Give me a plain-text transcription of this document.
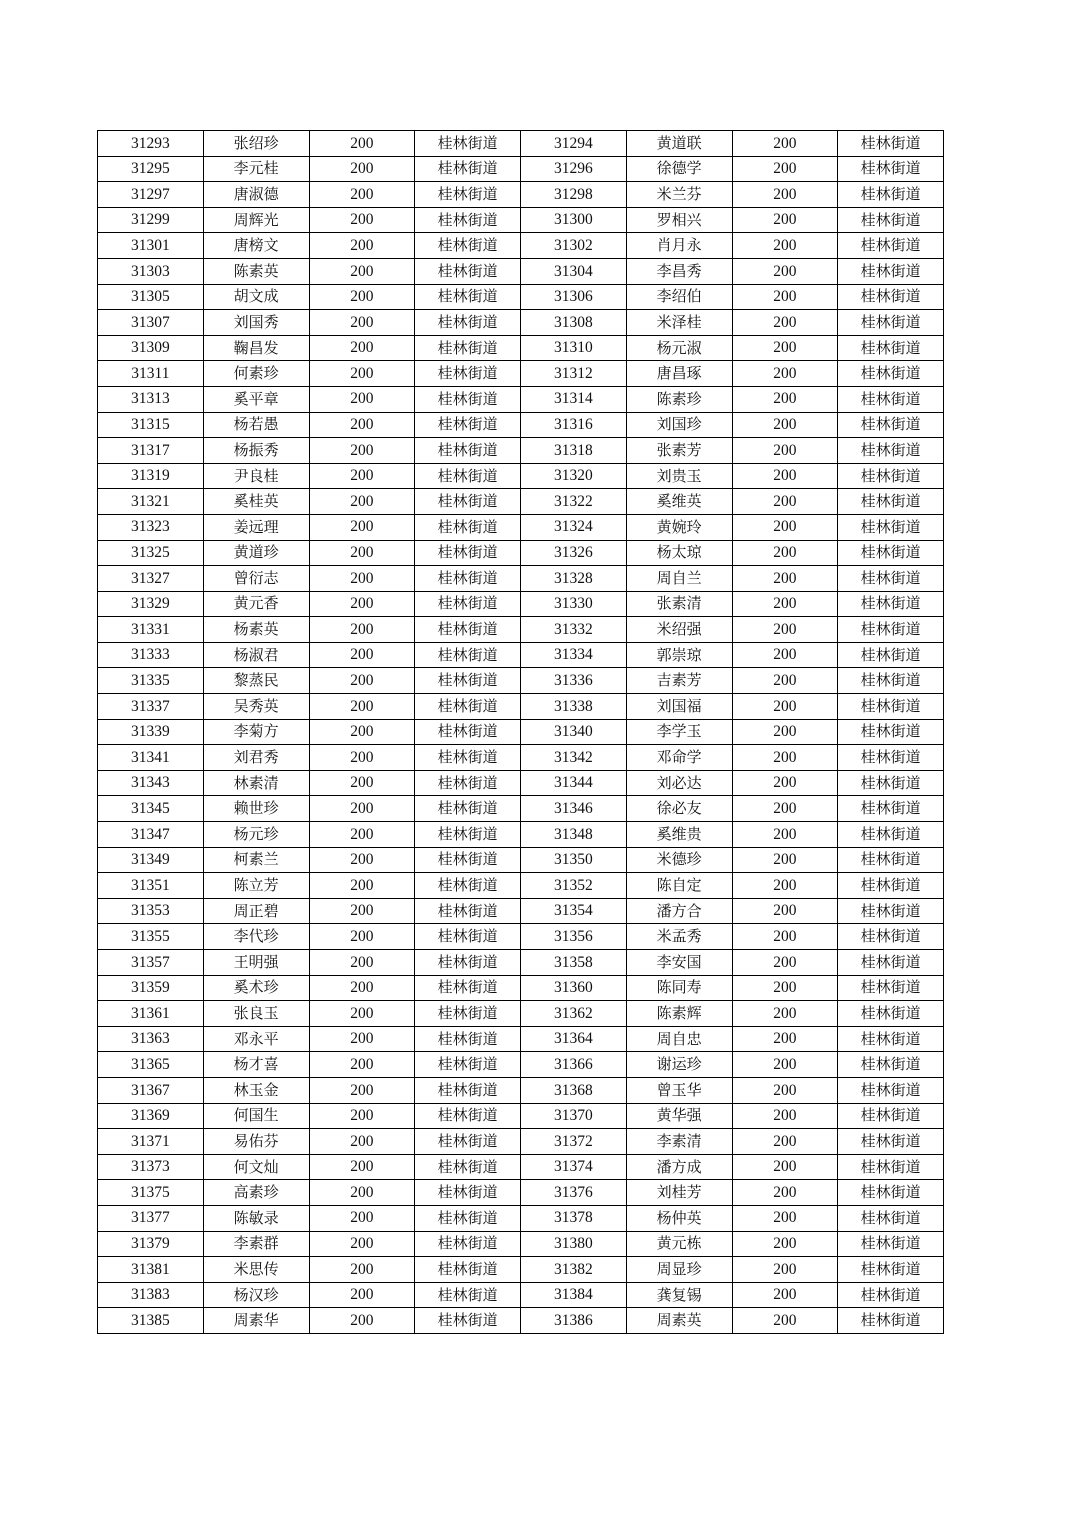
31293	张绍珍	200	桂林街道	31294	黄道联	200	桂林街道
31295	李元桂	200	桂林街道	31296	徐德学	200	桂林街道
31297	唐淑德	200	桂林街道	31298	米兰芬	200	桂林街道
31299	周辉光	200	桂林街道	31300	罗相兴	200	桂林街道
31301	唐榜文	200	桂林街道	31302	肖月永	200	桂林街道
31303	陈素英	200	桂林街道	31304	李昌秀	200	桂林街道
31305	胡文成	200	桂林街道	31306	李绍伯	200	桂林街道
31307	刘国秀	200	桂林街道	31308	米泽桂	200	桂林街道
31309	鞠昌发	200	桂林街道	31310	杨元淑	200	桂林街道
31311	何素珍	200	桂林街道	31312	唐昌琢	200	桂林街道
31313	奚平章	200	桂林街道	31314	陈素珍	200	桂林街道
31315	杨若愚	200	桂林街道	31316	刘国珍	200	桂林街道
31317	杨振秀	200	桂林街道	31318	张素芳	200	桂林街道
31319	尹良桂	200	桂林街道	31320	刘贵玉	200	桂林街道
31321	奚桂英	200	桂林街道	31322	奚维英	200	桂林街道
31323	姜远理	200	桂林街道	31324	黄婉玲	200	桂林街道
31325	黄道珍	200	桂林街道	31326	杨太琼	200	桂林街道
31327	曾衍志	200	桂林街道	31328	周自兰	200	桂林街道
31329	黄元香	200	桂林街道	31330	张素清	200	桂林街道
31331	杨素英	200	桂林街道	31332	米绍强	200	桂林街道
31333	杨淑君	200	桂林街道	31334	郭崇琼	200	桂林街道
31335	黎蒸民	200	桂林街道	31336	吉素芳	200	桂林街道
31337	吴秀英	200	桂林街道	31338	刘国福	200	桂林街道
31339	李菊方	200	桂林街道	31340	李学玉	200	桂林街道
31341	刘君秀	200	桂林街道	31342	邓命学	200	桂林街道
31343	林素清	200	桂林街道	31344	刘必达	200	桂林街道
31345	赖世珍	200	桂林街道	31346	徐必友	200	桂林街道
31347	杨元珍	200	桂林街道	31348	奚维贵	200	桂林街道
31349	柯素兰	200	桂林街道	31350	米德珍	200	桂林街道
31351	陈立芳	200	桂林街道	31352	陈自定	200	桂林街道
31353	周正碧	200	桂林街道	31354	潘方合	200	桂林街道
31355	李代珍	200	桂林街道	31356	米孟秀	200	桂林街道
31357	王明强	200	桂林街道	31358	李安国	200	桂林街道
31359	奚术珍	200	桂林街道	31360	陈同寿	200	桂林街道
31361	张良玉	200	桂林街道	31362	陈素辉	200	桂林街道
31363	邓永平	200	桂林街道	31364	周自忠	200	桂林街道
31365	杨才喜	200	桂林街道	31366	谢运珍	200	桂林街道
31367	林玉金	200	桂林街道	31368	曾玉华	200	桂林街道
31369	何国生	200	桂林街道	31370	黄华强	200	桂林街道
31371	易佑芬	200	桂林街道	31372	李素清	200	桂林街道
31373	何文灿	200	桂林街道	31374	潘方成	200	桂林街道
31375	高素珍	200	桂林街道	31376	刘桂芳	200	桂林街道
31377	陈敏录	200	桂林街道	31378	杨仲英	200	桂林街道
31379	李素群	200	桂林街道	31380	黄元栋	200	桂林街道
31381	米思传	200	桂林街道	31382	周显珍	200	桂林街道
31383	杨汉珍	200	桂林街道	31384	龚复锡	200	桂林街道
31385	周素华	200	桂林街道	31386	周素英	200	桂林街道
